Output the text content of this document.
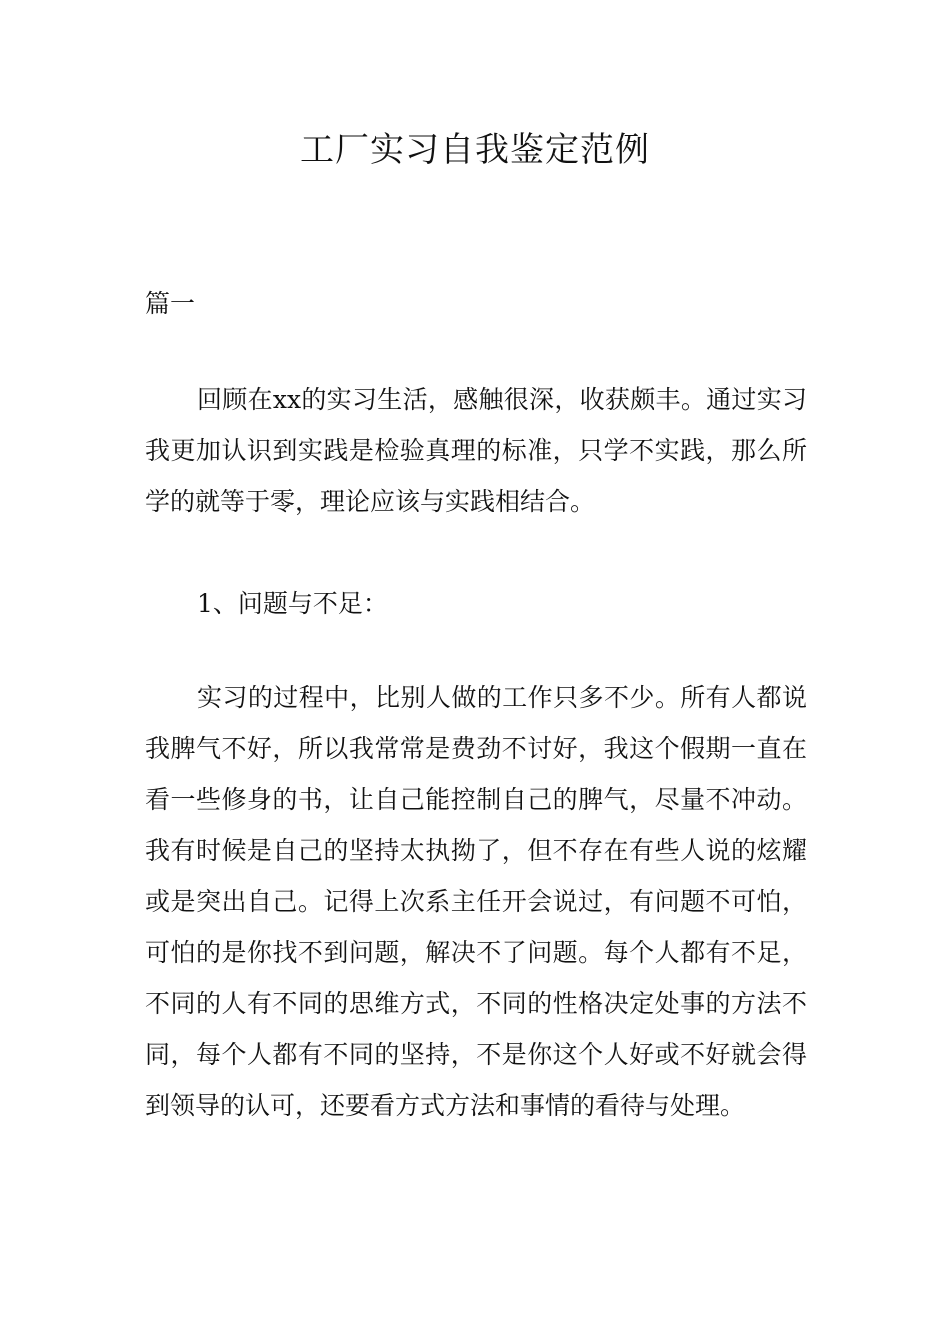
工厂实习自我鉴定范例
篇一
回顾在xx的实习生活，感触很深，收获颇丰。通过实习我更加认识到实践是检验真理的标准，只学不实践，那么所学的就等于零，理论应该与实践相结合。
1、问题与不足：
实习的过程中，比别人做的工作只多不少。所有人都说我脾气不好，所以我常常是费劲不讨好，我这个假期一直在看一些修身的书，让自己能控制自己的脾气，尽量不冲动。我有时候是自己的坚持太执拗了，但不存在有些人说的炫耀或是突出自己。记得上次系主任开会说过，有问题不可怕，可怕的是你找不到问题，解决不了问题。每个人都有不足，不同的人有不同的思维方式，不同的性格决定处事的方法不同，每个人都有不同的坚持，不是你这个人好或不好就会得到领导的认可，还要看方式方法和事情的看待与处理。
